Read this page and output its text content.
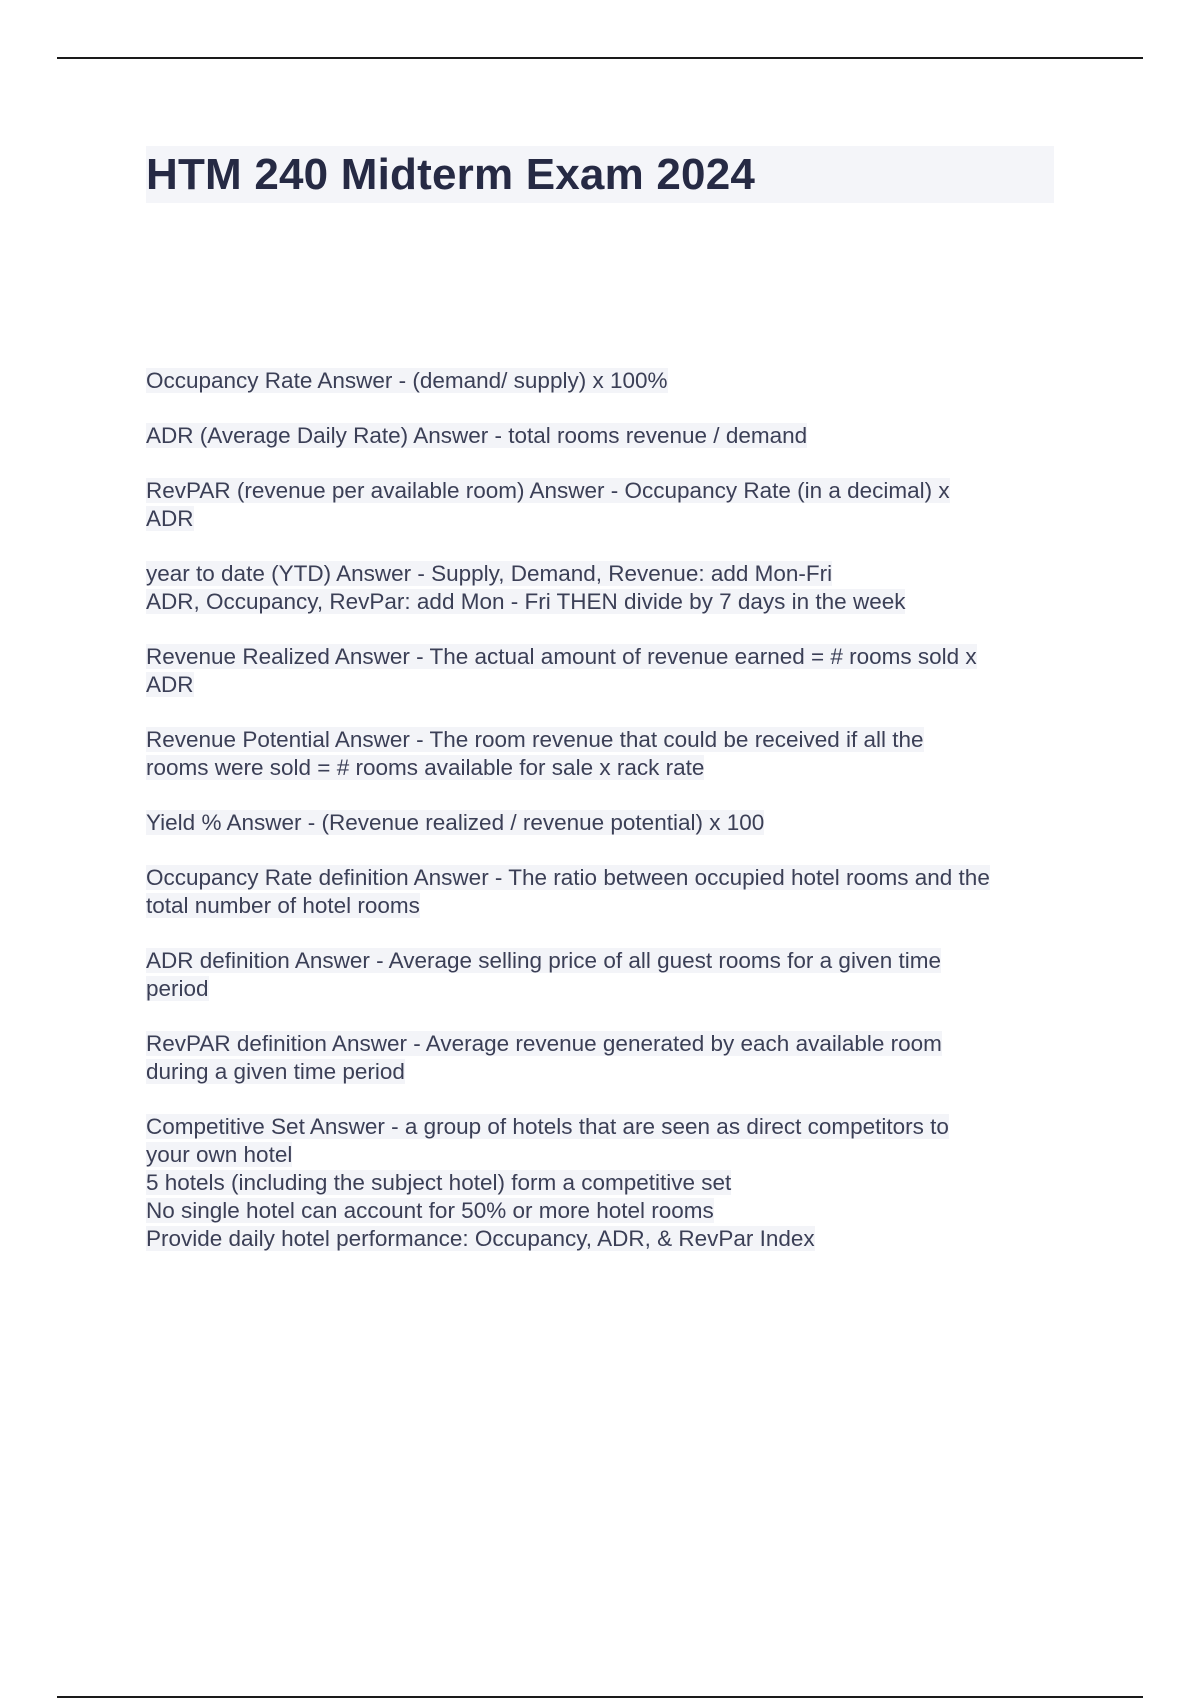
HTM 240 Midterm Exam 2024
Occupancy Rate Answer - (demand/ supply) x 100%
ADR (Average Daily Rate) Answer - total rooms revenue / demand
RevPAR (revenue per available room) Answer - Occupancy Rate (in a decimal) x
ADR
year to date (YTD) Answer - Supply, Demand, Revenue: add Mon-Fri
ADR, Occupancy, RevPar: add Mon - Fri THEN divide by 7 days in the week
Revenue Realized Answer - The actual amount of revenue earned = # rooms sold x
ADR
Revenue Potential Answer - The room revenue that could be received if all the
rooms were sold = # rooms available for sale x rack rate
Yield % Answer - (Revenue realized / revenue potential) x 100
Occupancy Rate definition Answer - The ratio between occupied hotel rooms and the
total number of hotel rooms
ADR definition Answer - Average selling price of all guest rooms for a given time
period
RevPAR definition Answer - Average revenue generated by each available room
during a given time period
Competitive Set Answer - a group of hotels that are seen as direct competitors to
your own hotel
5 hotels (including the subject hotel) form a competitive set
No single hotel can account for 50% or more hotel rooms
Provide daily hotel performance: Occupancy, ADR, & RevPar Index
